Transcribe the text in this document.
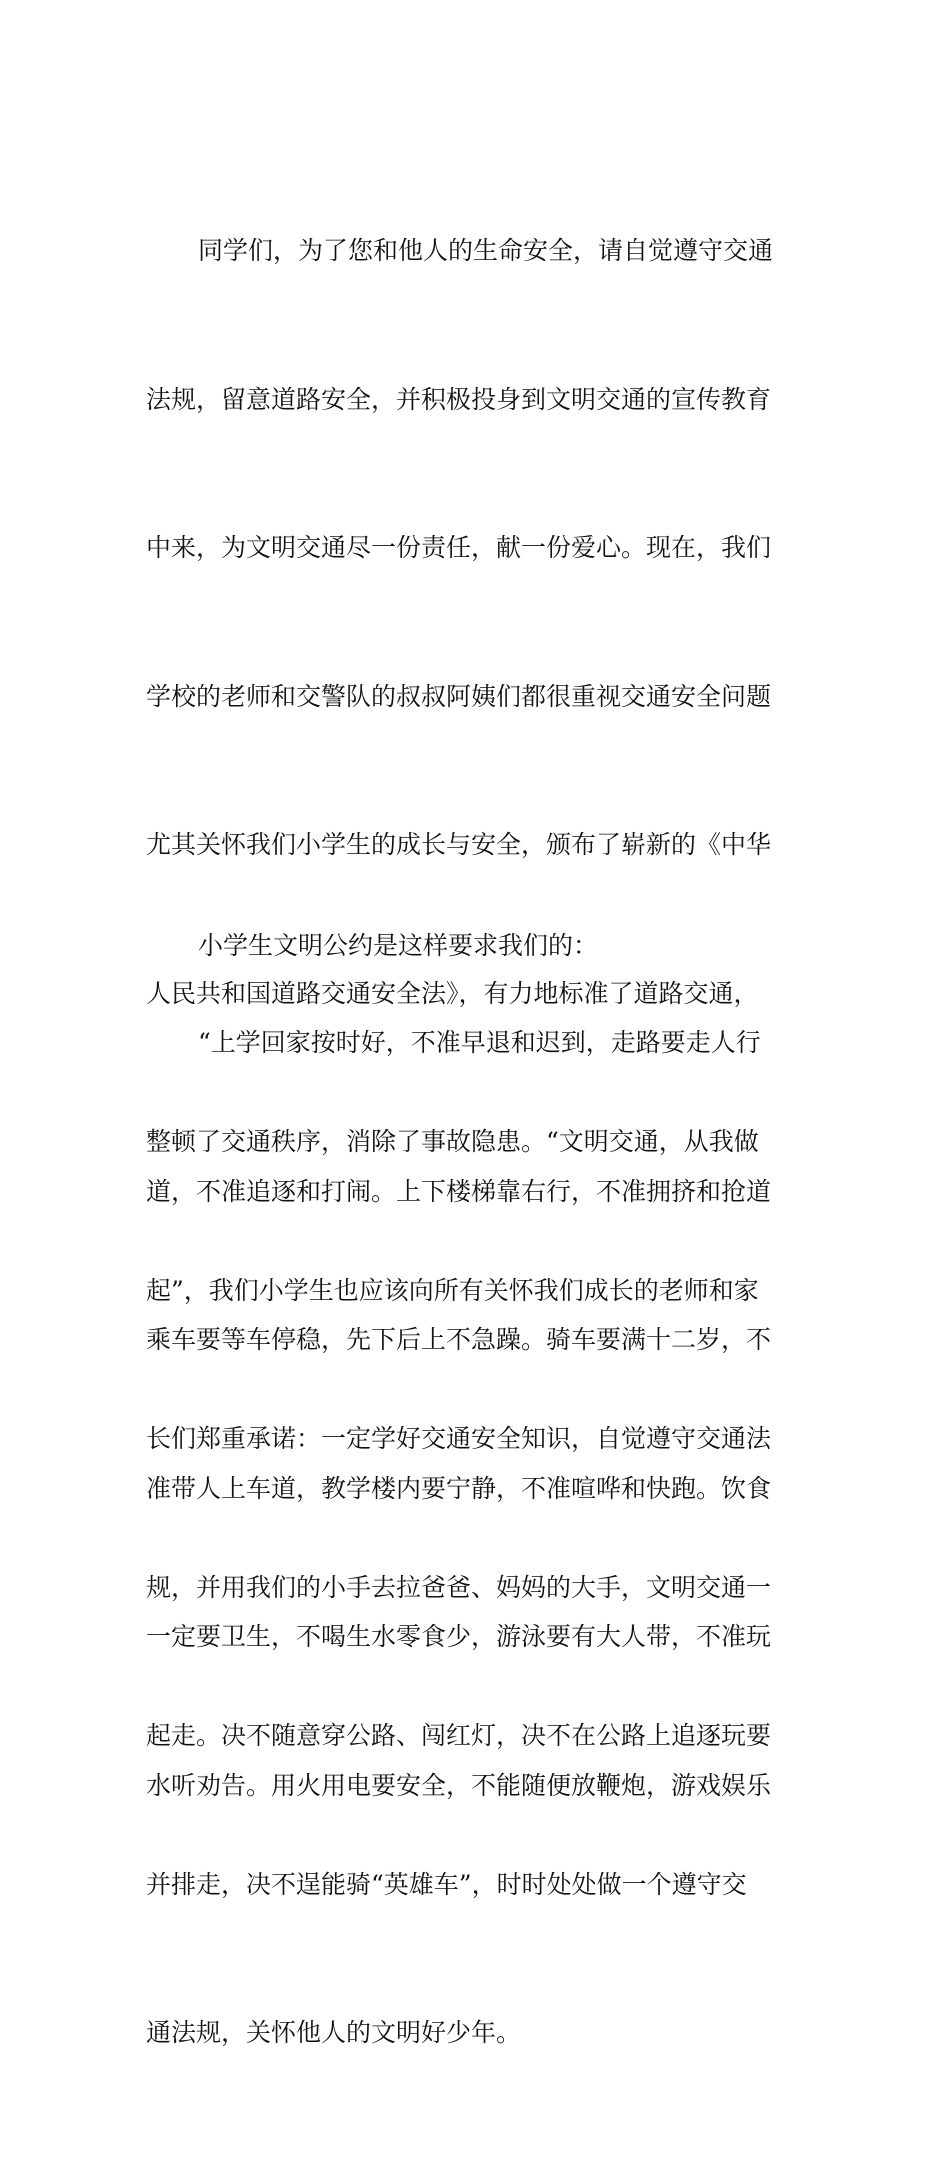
同学们，为了您和他人的生命安全，请自觉遵守交通

法规，留意道路安全，并积极投身到文明交通的宣传教育

中来，为文明交通尽一份责任，献一份爱心。现在，我们

学校的老师和交警队的叔叔阿姨们都很重视交通安全问题

尤其关怀我们小学生的成长与安全，颁布了崭新的《中华

人民共和国道路交通安全法》，有力地标准了道路交通，

整顿了交通秩序，消除了事故隐患。“文明交通，从我做

起”，我们小学生也应该向所有关怀我们成长的老师和家

长们郑重承诺：一定学好交通安全知识，自觉遵守交通法

规，并用我们的小手去拉爸爸、妈妈的大手，文明交通一

起走。决不随意穿公路、闯红灯，决不在公路上追逐玩要

并排走，决不逞能骑“英雄车”，时时处处做一个遵守交

通法规，关怀他人的文明好少年。

小学生文明公约是这样要求我们的：

“上学回家按时好，不准早退和迟到，走路要走人行

道，不准追逐和打闹。上下楼梯靠右行，不准拥挤和抢道

乘车要等车停稳，先下后上不急躁。骑车要满十二岁，不

准带人上车道，教学楼内要宁静，不准喧哗和快跑。饮食

一定要卫生，不喝生水零食少，游泳要有大人带，不准玩

水听劝告。用火用电要安全，不能随便放鞭炮，游戏娱乐
